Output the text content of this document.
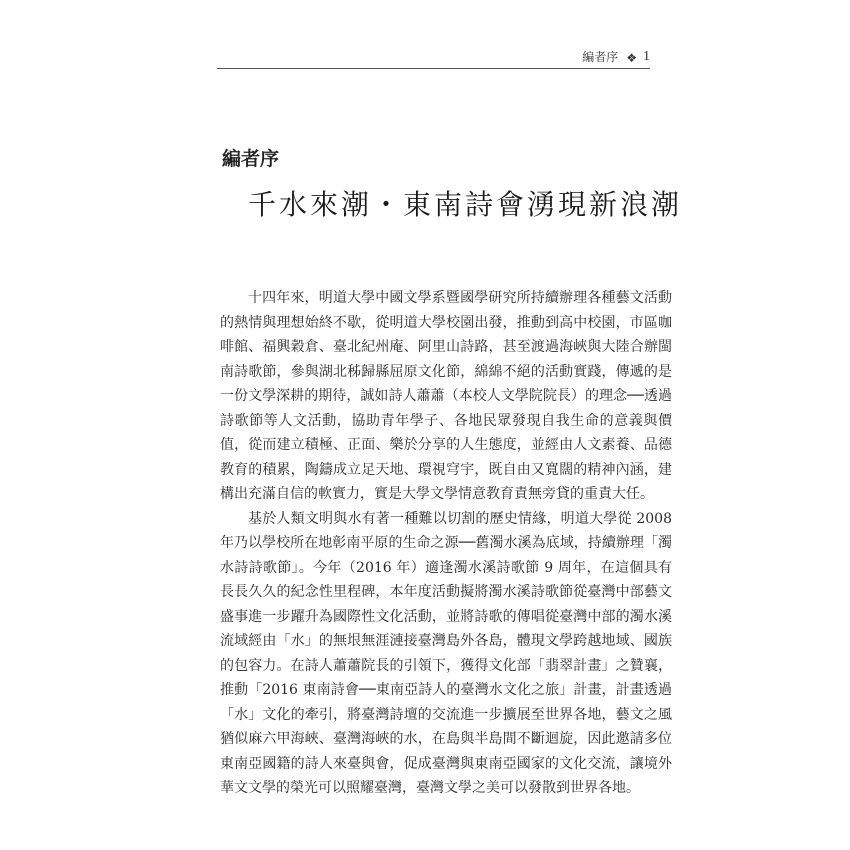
編者序 ❖ 1
編者序
千水來潮・東南詩會湧現新浪潮

十四年來，明道大學中國文學系暨國學研究所持續辦理各種藝文活動的熱情與理想始終不歇，從明道大學校園出發，推動到高中校園，市區咖啡館、福興穀倉、臺北紀州庵、阿里山詩路，甚至渡過海峽與大陸合辦閩南詩歌節，參與湖北秭歸縣屈原文化節，綿綿不絕的活動實踐，傳遞的是一份文學深耕的期待，誠如詩人蕭蕭（本校人文學院院長）的理念──透過詩歌節等人文活動，協助青年學子、各地民眾發現自我生命的意義與價值，從而建立積極、正面、樂於分享的人生態度，並經由人文素養、品德教育的積累，陶鑄成立足天地、環視穹宇，既自由又寬闊的精神內涵，建構出充滿自信的軟實力，實是大學文學情意教育責無旁貸的重責大任。

基於人類文明與水有著一種難以切割的歷史情緣，明道大學從 2008 年乃以學校所在地彰南平原的生命之源──舊濁水溪為底域，持續辦理「濁水詩詩歌節」。今年（2016 年）適逢濁水溪詩歌節 9 周年，在這個具有長長久久的紀念性里程碑，本年度活動擬將濁水溪詩歌節從臺灣中部藝文盛事進一步躍升為國際性文化活動，並將詩歌的傳唱從臺灣中部的濁水溪流域經由「水」的無垠無涯漣接臺灣島外各島，體現文學跨越地域、國族的包容力。在詩人蕭蕭院長的引領下，獲得文化部「翡翠計畫」之贊襄，推動「2016 東南詩會──東南亞詩人的臺灣水文化之旅」計畫，計畫透過「水」文化的牽引，將臺灣詩壇的交流進一步擴展至世界各地，藝文之風猶似麻六甲海峽、臺灣海峽的水，在島與半島間不斷迴旋，因此邀請多位東南亞國籍的詩人來臺與會，促成臺灣與東南亞國家的文化交流，讓境外華文文學的榮光可以照耀臺灣，臺灣文學之美可以發散到世界各地。
